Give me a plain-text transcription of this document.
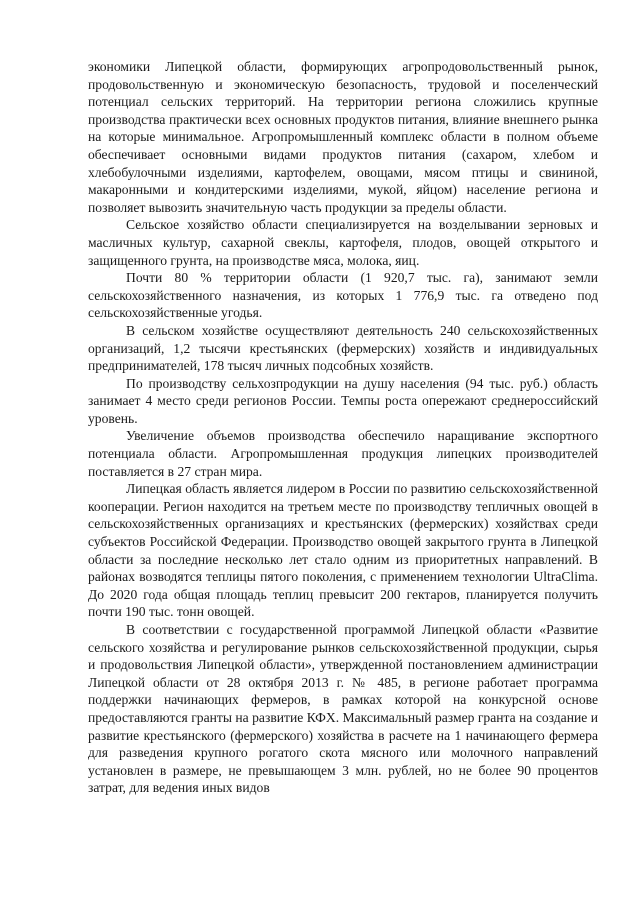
экономики Липецкой области, формирующих агропродовольственный рынок, продовольственную и экономическую безопасность, трудовой и поселенческий потенциал сельских территорий. На территории региона сложились крупные производства практически всех основных продуктов питания, влияние внешнего рынка на которые минимальное. Агропромышленный комплекс области в полном объеме обеспечивает основными видами продуктов питания (сахаром, хлебом и хлебобулочными изделиями, картофелем, овощами, мясом птицы и свининой, макаронными и кондитерскими изделиями, мукой, яйцом) население региона и позволяет вывозить значительную часть продукции за пределы области.

Сельское хозяйство области специализируется на возделывании зерновых и масличных культур, сахарной свеклы, картофеля, плодов, овощей открытого и защищенного грунта, на производстве мяса, молока, яиц.

Почти 80 % территории области (1 920,7 тыс. га), занимают земли сельскохозяйственного назначения, из которых 1 776,9 тыс. га отведено под сельскохозяйственные угодья.

В сельском хозяйстве осуществляют деятельность 240 сельскохозяйственных организаций, 1,2 тысячи крестьянских (фермерских) хозяйств и индивидуальных предпринимателей, 178 тысяч личных подсобных хозяйств.

По производству сельхозпродукции на душу населения (94 тыс. руб.) область занимает 4 место среди регионов России. Темпы роста опережают среднероссийский уровень.

Увеличение объемов производства обеспечило наращивание экспортного потенциала области. Агропромышленная продукция липецких производителей поставляется в 27 стран мира.

Липецкая область является лидером в России по развитию сельскохозяйственной кооперации. Регион находится на третьем месте по производству тепличных овощей в сельскохозяйственных организациях и крестьянских (фермерских) хозяйствах среди субъектов Российской Федерации. Производство овощей закрытого грунта в Липецкой области за последние несколько лет стало одним из приоритетных направлений. В районах возводятся теплицы пятого поколения, с применением технологии UltraClima. До 2020 года общая площадь теплиц превысит 200 гектаров, планируется получить почти 190 тыс. тонн овощей.

В соответствии с государственной программой Липецкой области «Развитие сельского хозяйства и регулирование рынков сельскохозяйственной продукции, сырья и продовольствия Липецкой области», утвержденной постановлением администрации Липецкой области от 28 октября 2013 г. № 485, в регионе работает программа поддержки начинающих фермеров, в рамках которой на конкурсной основе предоставляются гранты на развитие КФХ. Максимальный размер гранта на создание и развитие крестьянского (фермерского) хозяйства в расчете на 1 начинающего фермера для разведения крупного рогатого скота мясного или молочного направлений установлен в размере, не превышающем 3 млн. рублей, но не более 90 процентов затрат, для ведения иных видов
